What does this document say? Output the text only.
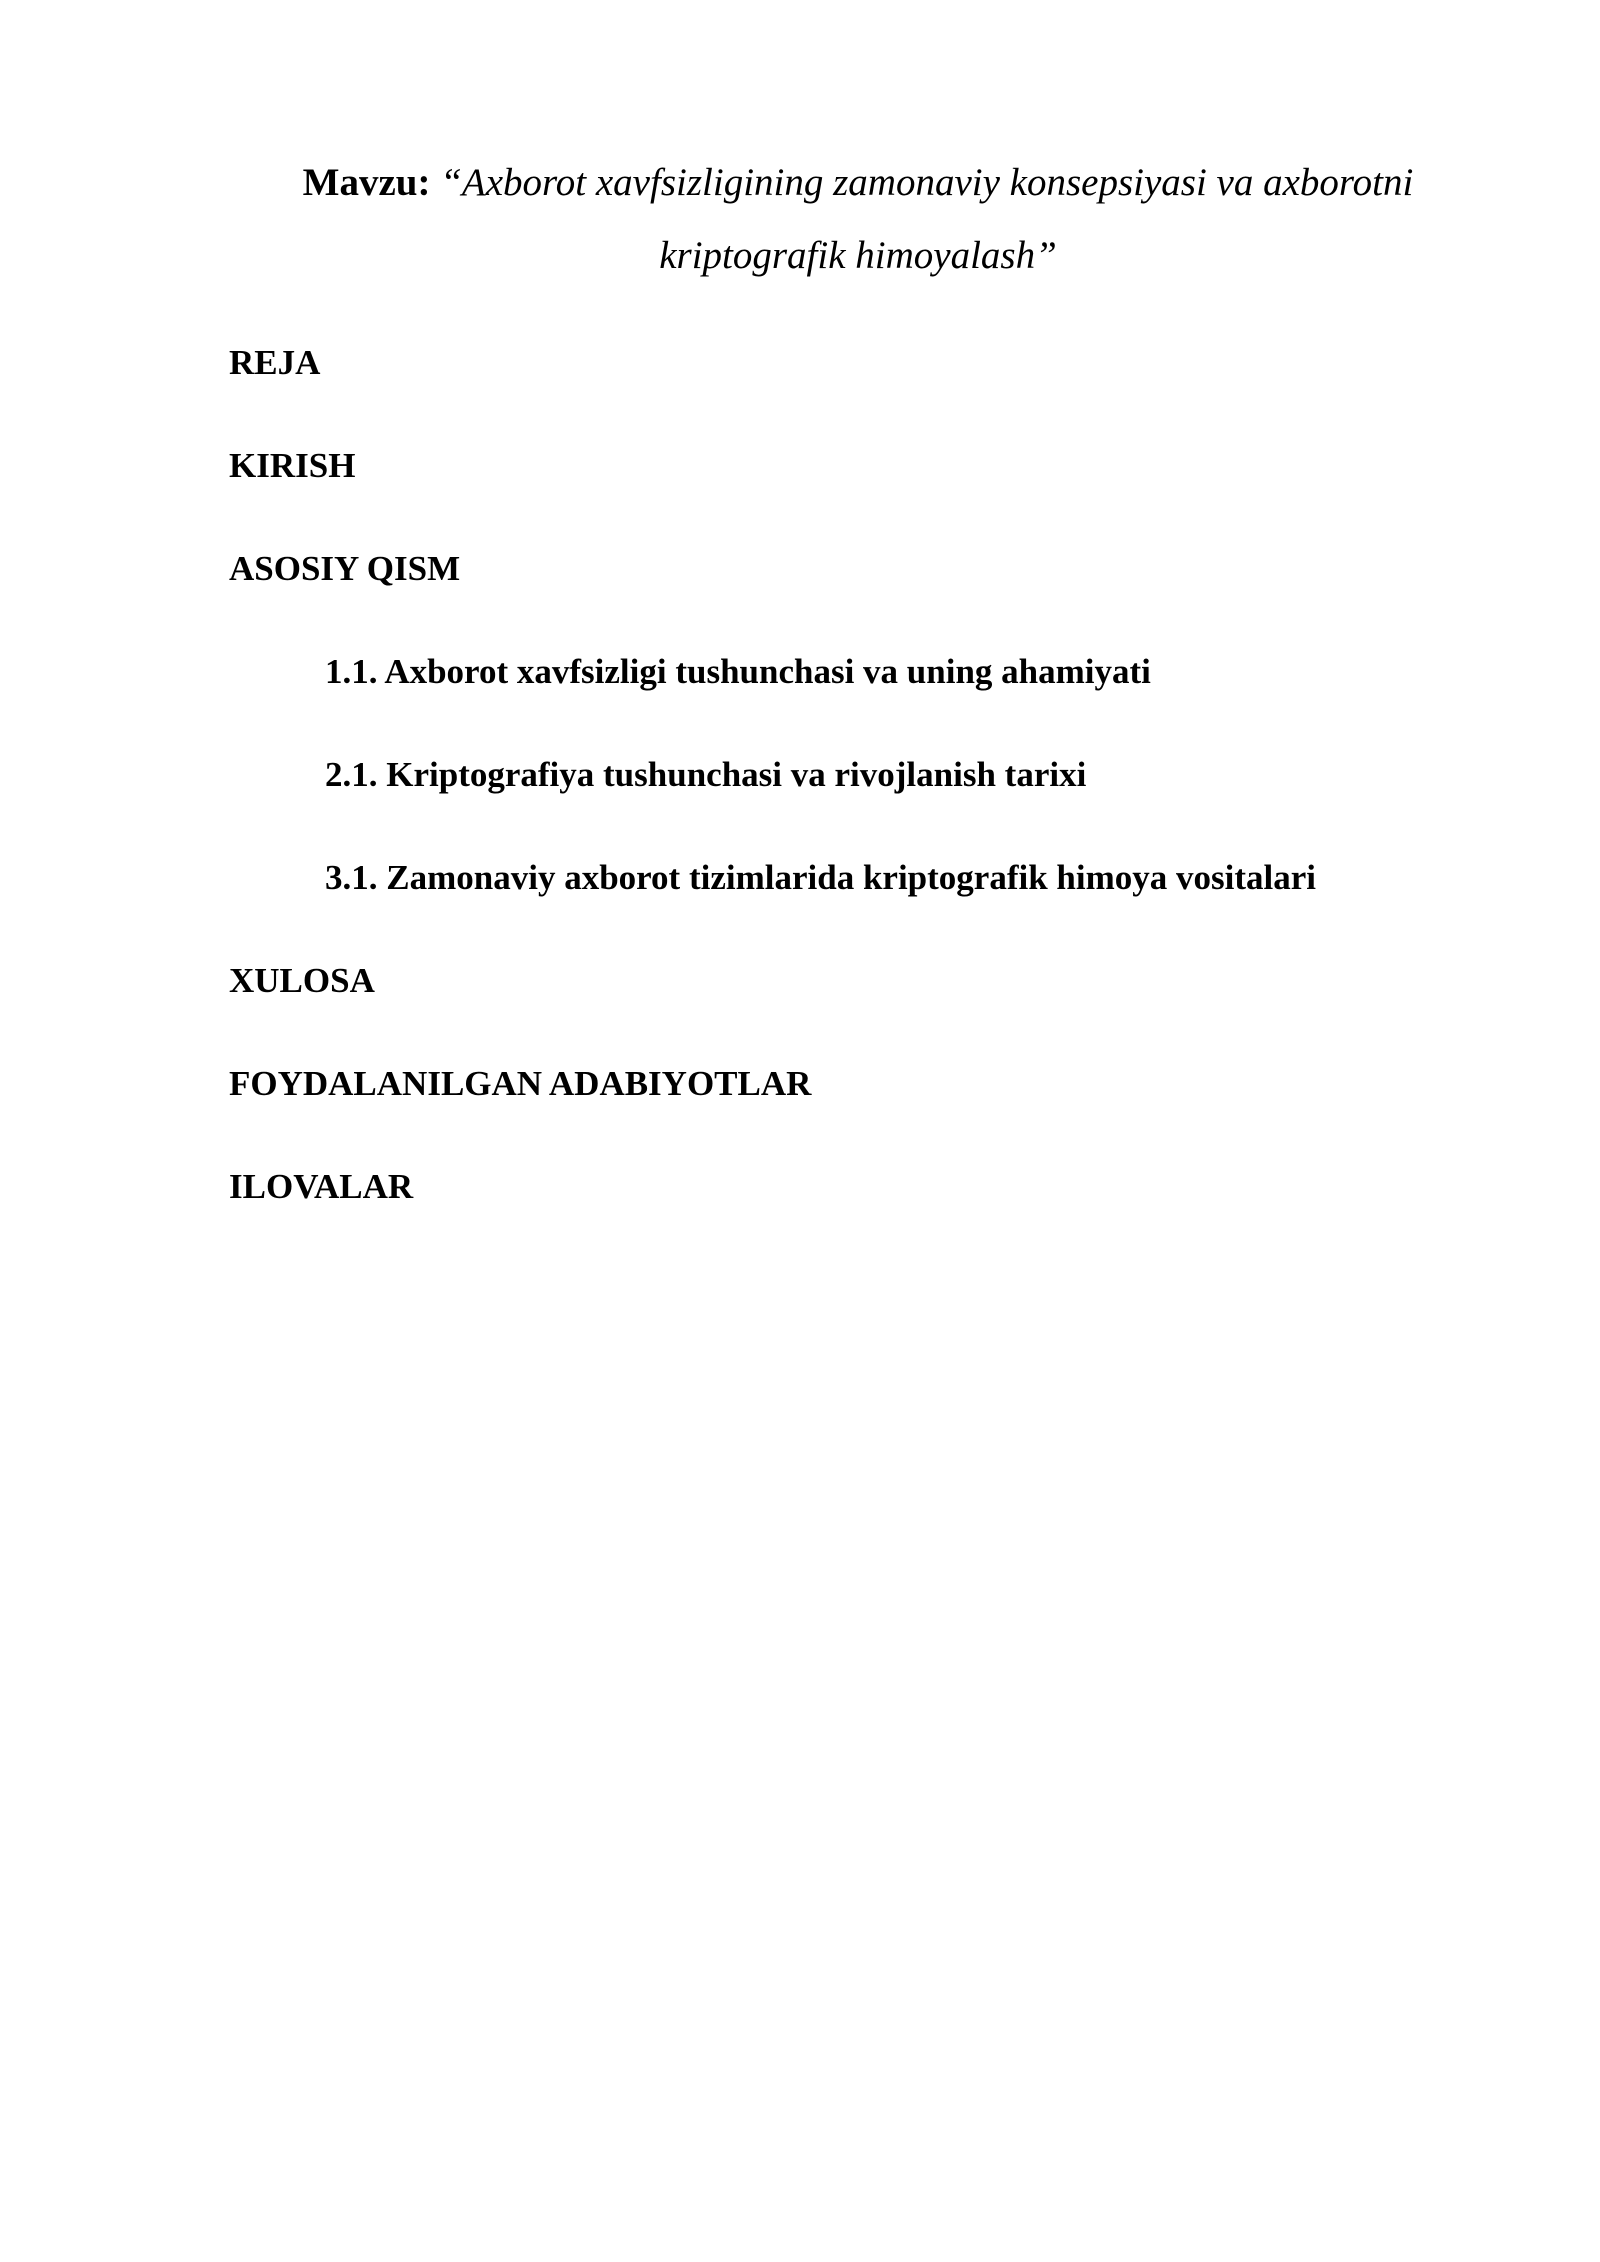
Mavzu: “Axborot xavfsizligining zamonaviy konsepsiyasi va axborotni kriptografik himoyalash”
REJA
KIRISH
ASOSIY QISM
1.1. Axborot xavfsizligi tushunchasi va uning ahamiyati
2.1. Kriptografiya tushunchasi va rivojlanish tarixi
3.1. Zamonaviy axborot tizimlarida kriptografik himoya vositalari
XULOSA
FOYDALANILGAN ADABIYOTLAR
ILOVALAR
